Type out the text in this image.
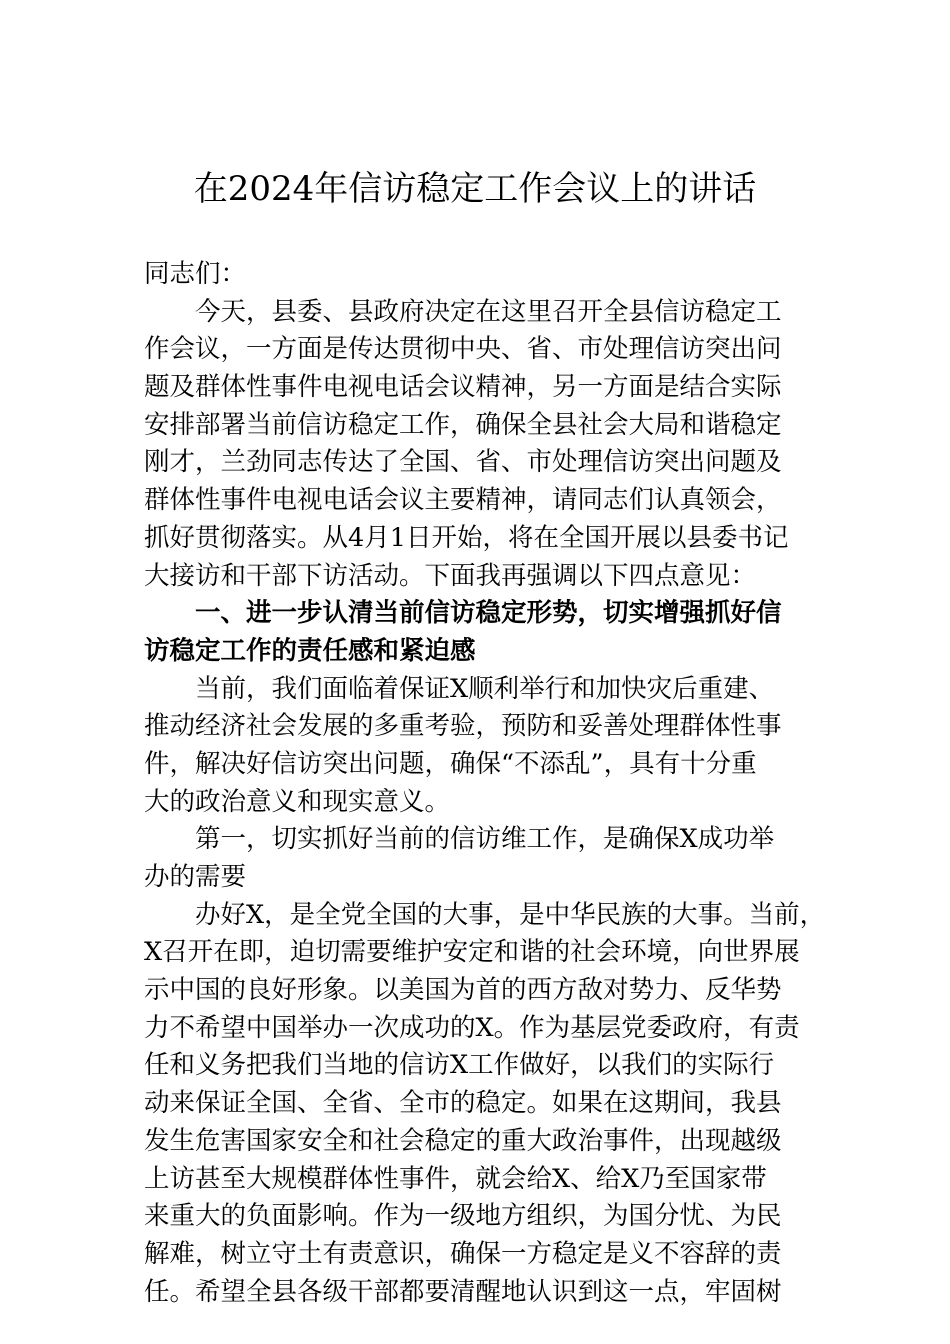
在2024年信访稳定工作会议上的讲话
同志们：
今天，县委、县政府决定在这里召开全县信访稳定工
作会议，一方面是传达贯彻中央、省、市处理信访突出问
题及群体性事件电视电话会议精神，另一方面是结合实际
安排部署当前信访稳定工作，确保全县社会大局和谐稳定
刚才，兰劲同志传达了全国、省、市处理信访突出问题及
群体性事件电视电话会议主要精神，请同志们认真领会，
抓好贯彻落实。从4月1日开始，将在全国开展以县委书记
大接访和干部下访活动。下面我再强调以下四点意见：
一、进一步认清当前信访稳定形势，切实增强抓好信
访稳定工作的责任感和紧迫感
当前，我们面临着保证X顺利举行和加快灾后重建、
推动经济社会发展的多重考验，预防和妥善处理群体性事
件，解决好信访突出问题，确保“不添乱”，具有十分重
大的政治意义和现实意义。
第一，切实抓好当前的信访维工作，是确保X成功举
办的需要
办好X，是全党全国的大事，是中华民族的大事。当前，
X召开在即，迫切需要维护安定和谐的社会环境，向世界展
示中国的良好形象。以美国为首的西方敌对势力、反华势
力不希望中国举办一次成功的X。作为基层党委政府，有责
任和义务把我们当地的信访X工作做好，以我们的实际行
动来保证全国、全省、全市的稳定。如果在这期间，我县
发生危害国家安全和社会稳定的重大政治事件，出现越级
上访甚至大规模群体性事件，就会给X、给X乃至国家带
来重大的负面影响。作为一级地方组织，为国分忧、为民
解难，树立守土有责意识，确保一方稳定是义不容辞的责
任。希望全县各级干部都要清醒地认识到这一点，牢固树
